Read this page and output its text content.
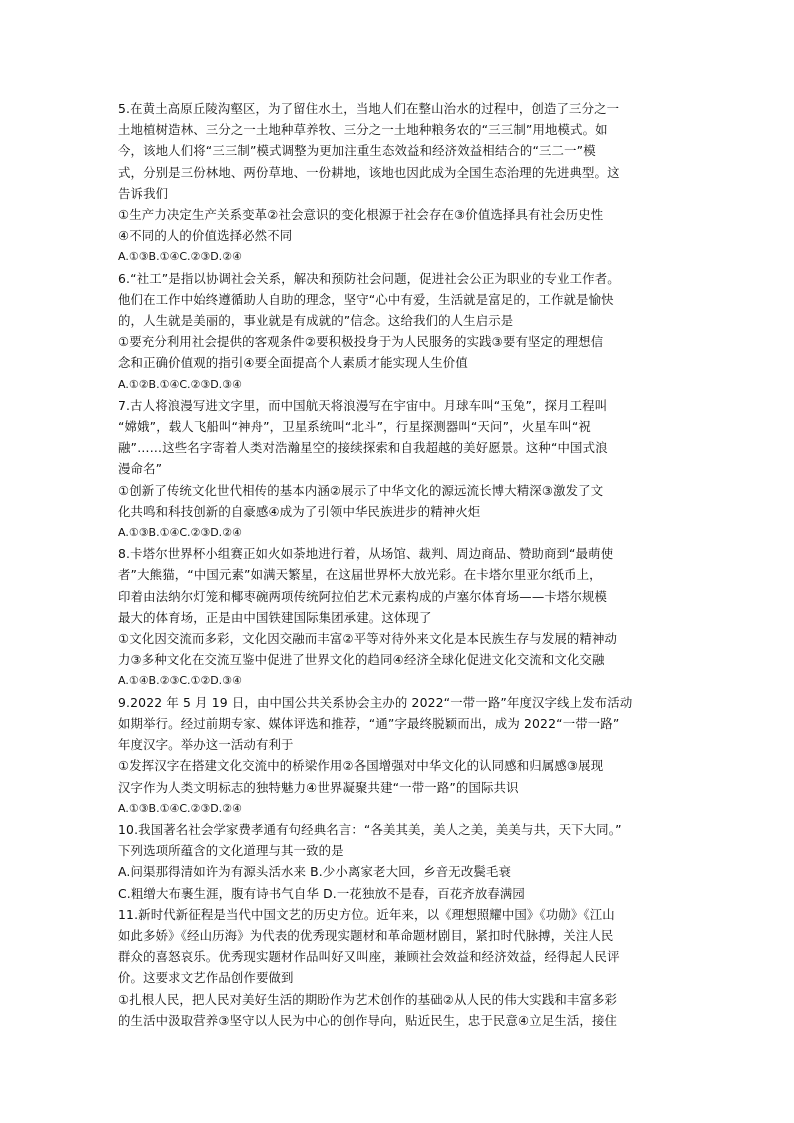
5.在黄土高原丘陵沟壑区，为了留住水土，当地人们在整山治水的过程中，创造了三分之一
土地植树造林、三分之一土地种草养牧、三分之一土地种粮务农的“三三制”用地模式。如
今，该地人们将“三三制”模式调整为更加注重生态效益和经济效益相结合的“三二一”模
式，分别是三份林地、两份草地、一份耕地，该地也因此成为全国生态治理的先进典型。这
告诉我们
①生产力决定生产关系变革②社会意识的变化根源于社会存在③价值选择具有社会历史性
④不同的人的价值选择必然不同
A.①③B.①④C.②③D.②④
6.“社工”是指以协调社会关系，解决和预防社会问题，促进社会公正为职业的专业工作者。
他们在工作中始终遵循助人自助的理念，坚守“心中有爱，生活就是富足的，工作就是愉快
的，人生就是美丽的，事业就是有成就的”信念。这给我们的人生启示是
①要充分利用社会提供的客观条件②要积极投身于为人民服务的实践③要有坚定的理想信
念和正确价值观的指引④要全面提高个人素质才能实现人生价值
A.①②B.①④C.②③D.③④
7.古人将浪漫写进文字里，而中国航天将浪漫写在宇宙中。月球车叫“玉兔”，探月工程叫
“嫦娥”，载人飞船叫“神舟”，卫星系统叫“北斗”，行星探测器叫“天问”，火星车叫“祝
融”……这些名字寄着人类对浩瀚星空的接续探索和自我超越的美好愿景。这种“中国式浪
漫命名”
①创新了传统文化世代相传的基本内涵②展示了中华文化的源远流长博大精深③激发了文
化共鸣和科技创新的自豪感④成为了引领中华民族进步的精神火炬
A.①③B.①④C.②③D.②④
8.卡塔尔世界杯小组赛正如火如荼地进行着，从场馆、裁判、周边商品、赞助商到“最萌使
者”大熊猫，“中国元素”如满天繁星，在这届世界杯大放光彩。在卡塔尔里亚尔纸币上，
印着由法纳尔灯笼和椰枣碗两项传统阿拉伯艺术元素构成的卢塞尔体育场——卡塔尔规模
最大的体育场，正是由中国铁建国际集团承建。这体现了
①文化因交流而多彩，文化因交融而丰富②平等对待外来文化是本民族生存与发展的精神动
力③多种文化在交流互鉴中促进了世界文化的趋同④经济全球化促进文化交流和文化交融
A.①④B.②③C.①②D.③④
9.2022 年 5 月 19 日，由中国公共关系协会主办的 2022“一带一路”年度汉字线上发布活动
如期举行。经过前期专家、媒体评选和推荐，“通”字最终脱颖而出，成为 2022“一带一路”
年度汉字。举办这一活动有利于
①发挥汉字在搭建文化交流中的桥梁作用②各国增强对中华文化的认同感和归属感③展现
汉字作为人类文明标志的独特魅力④世界凝聚共建“一带一路”的国际共识
A.①③B.①④C.②③D.②④
10.我国著名社会学家费孝通有句经典名言：“各美其美，美人之美，美美与共，天下大同。”
下列选项所蕴含的文化道理与其一致的是
A.问渠那得清如许为有源头活水来 B.少小离家老大回，乡音无改鬓毛衰
C.粗缯大布裹生涯，腹有诗书气自华 D.一花独放不是春，百花齐放春满园
11.新时代新征程是当代中国文艺的历史方位。近年来，以《理想照耀中国》《功勋》《江山
如此多娇》《经山历海》为代表的优秀现实题材和革命题材剧目，紧扣时代脉搏，关注人民
群众的喜怒哀乐。优秀现实题材作品叫好又叫座，兼顾社会效益和经济效益，经得起人民评
价。这要求文艺作品创作要做到
①扎根人民，把人民对美好生活的期盼作为艺术创作的基础②从人民的伟大实践和丰富多彩
的生活中汲取营养③坚守以人民为中心的创作导向，贴近民生，忠于民意④立足生活，接住
